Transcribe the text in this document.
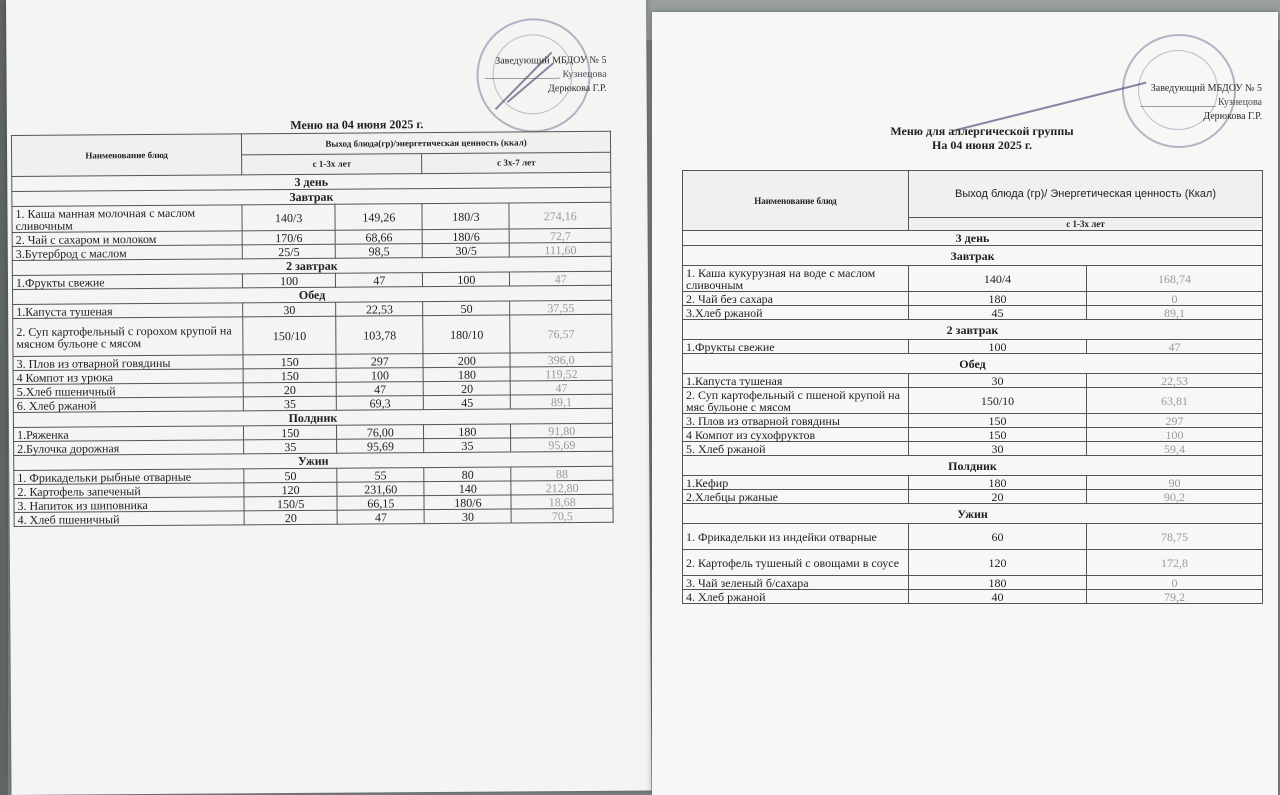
Заведующий МБДОУ № 5
_______________ Кузнецова
Дерюкова Г.Р.
Меню на 04 июня 2025 г.
Наименование блюд	Выход блюда(гр)/энергетическая ценность (ккал)			
	с 1-3х лет		с 3х-7 лет	
3 день				
Завтрак				
1. Каша манная молочная с маслом сливочным	140/3	149,26	180/3	274,16
2. Чай с сахаром и молоком	170/6	68,66	180/6	72,7
3.Бутерброд с маслом	25/5	98,5	30/5	111,60
2 завтрак				
1.Фрукты свежие	100	47	100	47
Обед				
1.Капуста тушеная	30	22,53	50	37,55
2. Суп картофельный с горохом крупой на мясном бульоне с мясом	150/10	103,78	180/10	76,57
3. Плов из отварной говядины	150	297	200	396,0
4 Компот из урюка	150	100	180	119,52
5.Хлеб пшеничный	20	47	20	47
6. Хлеб ржаной	35	69,3	45	89,1
Полдник				
1.Ряженка	150	76,00	180	91,80
2.Булочка дорожная	35	95,69	35	95,69
Ужин				
1. Фрикадельки рыбные отварные	50	55	80	88
2. Картофель запеченый	120	231,60	140	212,80
3. Напиток из шиповника	150/5	66,15	180/6	18,68
4. Хлеб пшеничный	20	47	30	70,5
Заведующий МБДОУ № 5
_______________ Кузнецова
Дерюкова Г.Р.
Меню для аллергической группы
На 04 июня 2025 г.
Наименование блюд	Выход блюда (гр)/ Энергетическая ценность (Ккал)	
	с 1-3х лет	
3 день		
Завтрак		
1. Каша кукурузная на воде с маслом сливочным	140/4	168,74
2. Чай без сахара	180	0
3.Хлеб ржаной	45	89,1
2 завтрак		
1.Фрукты свежие	100	47
Обед		
1.Капуста тушеная	30	22,53
2. Суп картофельный с пшеной крупой на мяс бульоне с мясом	150/10	63,81
3. Плов из отварной говядины	150	297
4 Компот из сухофруктов	150	100
5. Хлеб ржаной	30	59,4
Полдник		
1.Кефир	180	90
2.Хлебцы ржаные	20	90,2
Ужин		
1. Фрикадельки из индейки отварные	60	78,75
2. Картофель тушеный с овощами в соусе	120	172,8
3. Чай зеленый б/сахара	180	0
4. Хлеб ржаной	40	79,2
